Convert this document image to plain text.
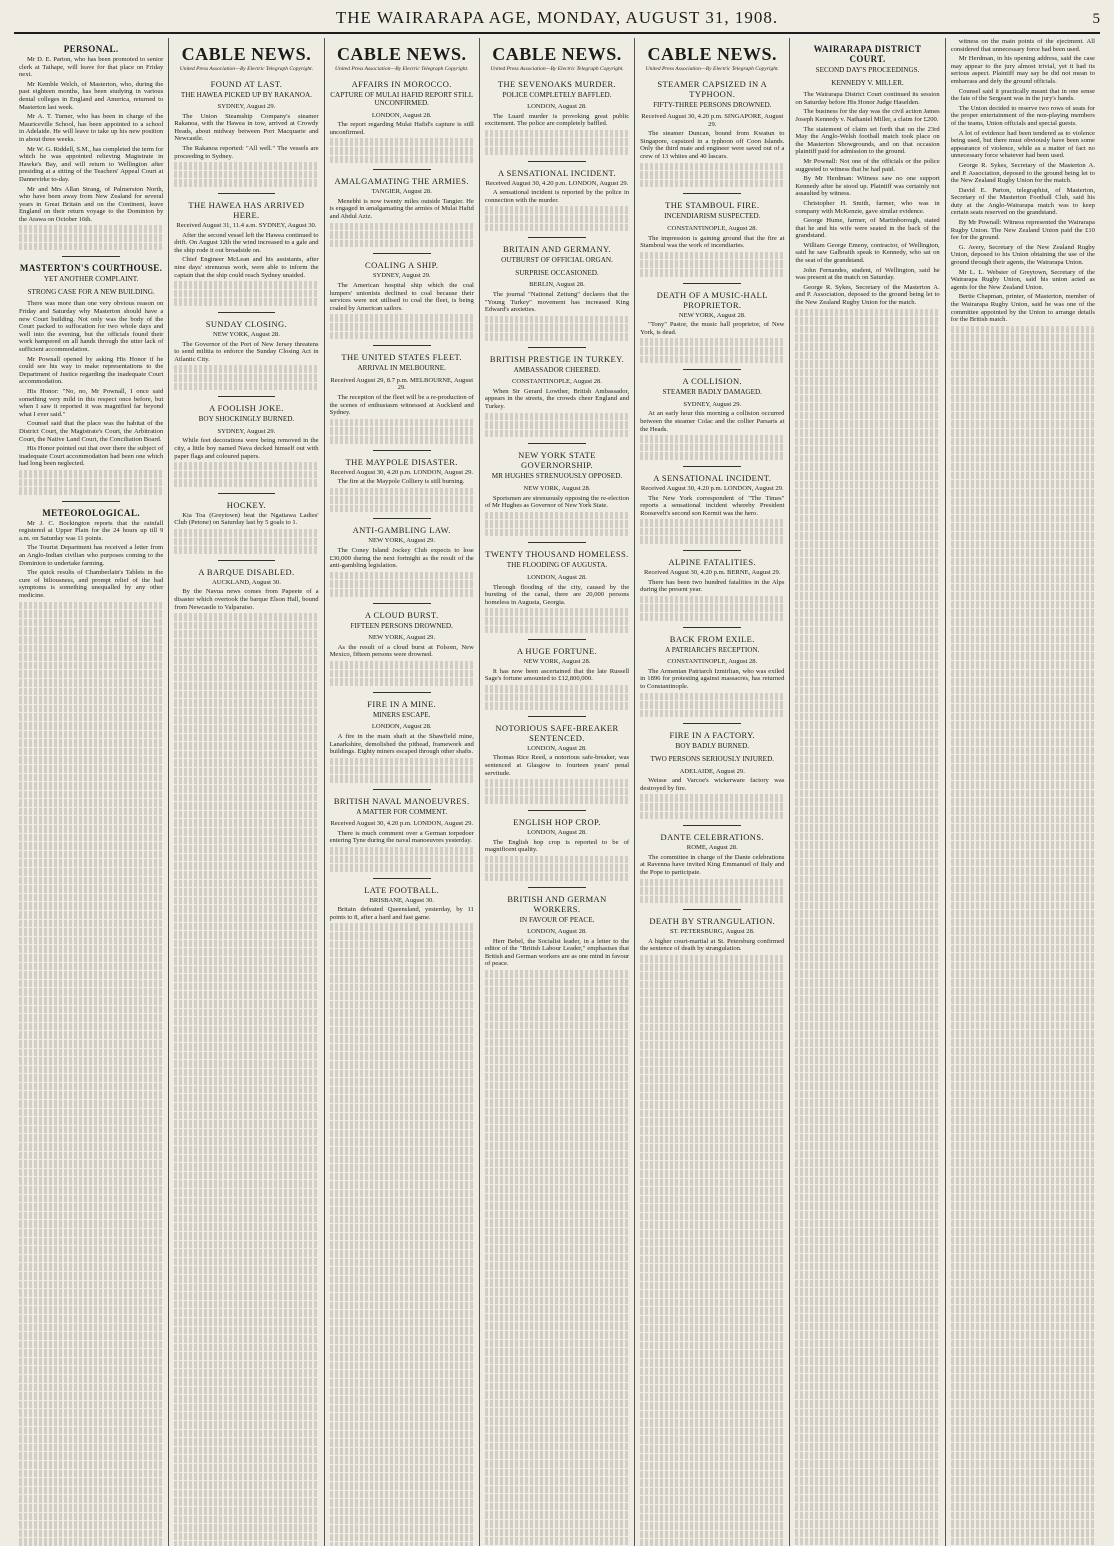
THE WAIRARAPA AGE, MONDAY, AUGUST 31, 1908.	5
PERSONAL.

Mr D. E. Parton, who has been promoted to senior clerk at Taihape, will leave for that place on Friday next.

Mr Kemble Welch, of Masterton, who, during the past eighteen months, has been studying in various dental colleges in England and America, returned to Masterton last week.

Mr A. T. Turner, who has been in charge of the Mauriceville School, has been appointed to a school in Adelaide. He will leave to take up his new position in about three weeks.

Mr W. G. Riddell, S.M., has completed the term for which he was appointed relieving Magistrate in Hawke's Bay, and will return to Wellington after presiding at a sitting of the Teachers' Appeal Court at Dannevirke to-day.

Mr and Mrs Allan Strang, of Palmerston North, who have been away from New Zealand for several years in Great Britain and on the Continent, leave England on their return voyage to the Dominion by the Arawa on October 16th.

MASTERTON'S COURTHOUSE.
YET ANOTHER COMPLAINT.
STRONG CASE FOR A NEW BUILDING.

There was more than one very obvious reason on Friday and Saturday why Masterton should have a new Court building. Not only was the body of the Court packed to suffocation for two whole days and well into the evening, but the officials found their work hampered on all hands through the utter lack of sufficient accommodation.

Mr Pownall opened by asking His Honor if he could see his way to make representations to the Department of Justice regarding the inadequate Court accommodation.

His Honor: "No, no, Mr Pownall, I once said something very mild in this respect once before, but when I saw it reported it was magnified far beyond what I ever said."

Counsel said that the place was the habitat of the District Court, the Magistrate's Court, the Arbitration Court, the Native Land Court, the Conciliation Board.

His Honor pointed out that over there the subject of inadequate Court accommodation had been one which had long been neglected.

METEOROLOGICAL.

Mr J. C. Bockington reports that the rainfall registered at Upper Plain for the 24 hours up till 9 a.m. on Saturday was 11 points.

The Tourist Department has received a letter from an Anglo-Indian civilian who purposes coming to the Dominion to undertake farming.

The quick results of Chamberlain's Tablets in the cure of biliousness, and prompt relief of the bad symptoms is something unequalled by any other medicine.

CABLE NEWS.
United Press Association—By Electric Telegraph Copyright.
FOUND AT LAST.
THE HAWEA PICKED UP BY RAKANOA.

SYDNEY, August 29.

The Union Steamship Company's steamer Rakanoa, with the Hawea in tow, arrived at Crowdy Heads, about midway between Port Macquarie and Newcastle.

The Rakanoa reported: "All well." The vessels are proceeding to Sydney.

THE HAWEA HAS ARRIVED HERE.

Received August 31, 11.4 a.m. SYDNEY, August 30.

After the second vessel left the Hawea continued to drift. On August 12th the wind increased to a gale and the ship rode it out broadside on.

Chief Engineer McLean and his assistants, after nine days' strenuous work, were able to inform the captain that the ship could reach Sydney unaided.

SUNDAY CLOSING.

NEW YORK, August 28.

The Governor of the Port of New Jersey threatens to send militia to enforce the Sunday Closing Act in Atlantic City.

A FOOLISH JOKE.
BOY SHOCKINGLY BURNED.

SYDNEY, August 29.

While feet decorations were being removed in the city, a little boy named Nava decked himself out with paper flags and coloured papers.

HOCKEY.

Kia Toa (Greytown) beat the Ngatiawa Ladies' Club (Petone) on Saturday last by 5 goals to 1.

A BARQUE DISABLED.

AUCKLAND, August 30.

By the Navua news comes from Papeete of a disaster which overtook the barque Elson Hall, bound from Newcastle to Valparaiso.

CABLE NEWS.
United Press Association—By Electric Telegraph Copyright.
AFFAIRS IN MOROCCO.
CAPTURE OF MULAI HAFID REPORT STILL UNCONFIRMED.

LONDON, August 28.

The report regarding Mulai Hafid's capture is still unconfirmed.

AMALGAMATING THE ARMIES.

TANGIER, August 28.

Menebhi is now twenty miles outside Tangier. He is engaged in amalgamating the armies of Mulai Hafid and Abdul Aziz.

COALING A SHIP.

SYDNEY, August 29.

The American hospital ship which the coal lumpers' unionists declined to coal because their services were not utilised to coal the fleet, is being coaled by American sailors.

THE UNITED STATES FLEET.
ARRIVAL IN MELBOURNE.

Received August 29, 8.7 p.m. MELBOURNE, August 29.

The reception of the fleet will be a re-production of the scenes of enthusiasm witnessed at Auckland and Sydney.

THE MAYPOLE DISASTER.

Received August 30, 4.20 p.m. LONDON, August 29.

The fire at the Maypole Colliery is still burning.

ANTI-GAMBLING LAW.

NEW YORK, August 29.

The Coney Island Jockey Club expects to lose £30,000 during the next fortnight as the result of the anti-gambling legislation.

A CLOUD BURST.
FIFTEEN PERSONS DROWNED.

NEW YORK, August 29.

As the result of a cloud burst at Folsom, New Mexico, fifteen persons were drowned.

FIRE IN A MINE.
MINERS ESCAPE.

LONDON, August 28.

A fire in the main shaft at the Shawfield mine, Lanarkshire, demolished the pithead, framework and buildings. Eighty miners escaped through other shafts.

BRITISH NAVAL MANOEUVRES.
A MATTER FOR COMMENT.

Received August 30, 4.20 p.m. LONDON, August 29.

There is much comment over a German torpedoer entering Tyne during the naval manoeuvres yesterday.

LATE FOOTBALL.

BRISBANE, August 30.

Britain defeated Queensland, yesterday, by 11 points to 8, after a hard and fast game.

CABLE NEWS.
United Press Association—By Electric Telegraph Copyright.
THE SEVENOAKS MURDER.
POLICE COMPLETELY BAFFLED.

LONDON, August 28.

The Luard murder is provoking great public excitement. The police are completely baffled.

A SENSATIONAL INCIDENT.

Received August 30, 4.20 p.m. LONDON, August 29.

A sensational incident is reported by the police in connection with the murder.

BRITAIN AND GERMANY.
OUTBURST OF OFFICIAL ORGAN.
SURPRISE OCCASIONED.

BERLIN, August 28.

The journal "National Zeitung" declares that the "Young Turkey" movement has increased King Edward's anxieties.

BRITISH PRESTIGE IN TURKEY.
AMBASSADOR CHEERED.

CONSTANTINOPLE, August 28.

When Sir Gerard Lowther, British Ambassador, appears in the streets, the crowds cheer England and Turkey.

NEW YORK STATE GOVERNORSHIP.
MR HUGHES STRENUOUSLY OPPOSED.

NEW YORK, August 28.

Sportsmen are strenuously opposing the re-election of Mr Hughes as Governor of New York State.

TWENTY THOUSAND HOMELESS.
THE FLOODING OF AUGUSTA.

LONDON, August 28.

Through flooding of the city, caused by the bursting of the canal, there are 20,000 persons homeless in Augusta, Georgia.

A HUGE FORTUNE.

NEW YORK, August 28.

It has now been ascertained that the late Russell Sage's fortune amounted to £12,800,000.

NOTORIOUS SAFE-BREAKER SENTENCED.

LONDON, August 28.

Thomas Rice Reed, a notorious safe-breaker, was sentenced at Glasgow to fourteen years' penal servitude.

ENGLISH HOP CROP.

LONDON, August 28.

The English hop crop is reported to be of magnificent quality.

BRITISH AND GERMAN WORKERS.
IN FAVOUR OF PEACE.

LONDON, August 28.

Herr Bebel, the Socialist leader, in a letter to the editor of the "British Labour Leader," emphasises that British and German workers are as one mind in favour of peace.

CABLE NEWS.
United Press Association—By Electric Telegraph Copyright.
STEAMER CAPSIZED IN A TYPHOON.
FIFTY-THREE PERSONS DROWNED.

Received August 30, 4.20 p.m. SINGAPORE, August 29.

The steamer Duncan, bound from Kwatun to Singapore, capsized in a typhoon off Coon Islands. Only the third mate and engineer were saved out of a crew of 13 whites and 40 lascars.

THE STAMBOUL FIRE.
INCENDIARISM SUSPECTED.

CONSTANTINOPLE, August 28.

The impression is gaining ground that the fire at Stamboul was the work of incendiaries.

DEATH OF A MUSIC-HALL PROPRIETOR.

NEW YORK, August 28.

"Tony" Pastor, the music hall proprietor, of New York, is dead.

A COLLISION.
STEAMER BADLY DAMAGED.

SYDNEY, August 29.

At an early hour this morning a collision occurred between the steamer Colac and the collier Parsaris at the Heads.

A SENSATIONAL INCIDENT.

Received August 30, 4.20 p.m. LONDON, August 29.

The New York correspondent of "The Times" reports a sensational incident whereby President Roosevelt's second son Kermit was the hero.

ALPINE FATALITIES.

Received August 30, 4.20 p.m. BERNE, August 29.

There has been two hundred fatalities in the Alps during the present year.

BACK FROM EXILE.
A PATRIARCH'S RECEPTION.

CONSTANTINOPLE, August 28.

The Armenian Patriarch Izmirlian, who was exiled in 1896 for protesting against massacres, has returned to Constantinople.

FIRE IN A FACTORY.
BOY BADLY BURNED.
TWO PERSONS SERIOUSLY INJURED.

ADELAIDE, August 29.

Weisse and Varcoe's wickerware factory was destroyed by fire.

DANTE CELEBRATIONS.

ROME, August 28.

The committee in charge of the Dante celebrations at Ravenna have invited King Emmanuel of Italy and the Pope to participate.

DEATH BY STRANGULATION.

ST. PETERSBURG, August 28.

A higher court-martial at St. Petersburg confirmed the sentence of death by strangulation.

WAIRARAPA DISTRICT COURT.
SECOND DAY'S PROCEEDINGS.
KENNEDY V. MILLER.

The Wairarapa District Court continued its session on Saturday before His Honor Judge Haselden.

The business for the day was the civil action James Joseph Kennedy v. Nathaniel Miller, a claim for £200.

The statement of claim set forth that on the 23rd May the Anglo-Welsh football match took place on the Masterton Showgrounds, and on that occasion plaintiff paid for admission to the ground.

Mr Pownall: Not one of the officials or the police suggested to witness that he had paid.

By Mr Herdman: Witness saw no one support Kennedy after he stood up. Plaintiff was certainly not assaulted by witness.

Christopher H. Smith, farmer, who was in company with McKenzie, gave similar evidence.

George Hume, farmer, of Martinborough, stated that he and his wife were seated in the back of the grandstand.

William George Emeny, contractor, of Wellington, said he saw Galbraith speak to Kennedy, who sat on the seat of the grandstand.

John Fernandes, student, of Wellington, said he was present at the match on Saturday.

George R. Sykes, Secretary of the Masterton A. and P. Association, deposed to the ground being let to the New Zealand Rugby Union for the match.

witness on the main points of the ejectment. All considered that unnecessary force had been used.

Mr Herdman, in his opening address, said the case may appear to the jury almost trivial, yet it had its serious aspect. Plaintiff may say he did not mean to embarrass and defy the ground officials.

Counsel said it practically meant that in one sense the fate of the Sergeant was in the jury's hands.

The Union decided to reserve two rows of seats for the proper entertainment of the non-playing members of the teams, Union officials and special guests.

A lot of evidence had been tendered as to violence being used, but there must obviously have been some appearance of violence, while as a matter of fact no unnecessary force whatever had been used.

George R. Sykes, Secretary of the Masterton A. and P. Association, deposed to the ground being let to the New Zealand Rugby Union for the match.

David E. Parton, telegraphist, of Masterton, Secretary of the Masterton Football Club, said his duty at the Anglo-Wairarapa match was to keep certain seats reserved on the grandstand.

By Mr Pownall: Witness represented the Wairarapa Rugby Union. The New Zealand Union paid the £10 fee for the ground.

G. Avery, Secretary of the New Zealand Rugby Union, deposed to his Union obtaining the use of the ground through their agents, the Wairarapa Union.

Mr L. L. Webster of Greytown, Secretary of the Wairarapa Rugby Union, said his union acted as agents for the New Zealand Union.

Bertie Chapman, printer, of Masterton, member of the Wairarapa Rugby Union, said he was one of the committee appointed by the Union to arrange details for the British match.
